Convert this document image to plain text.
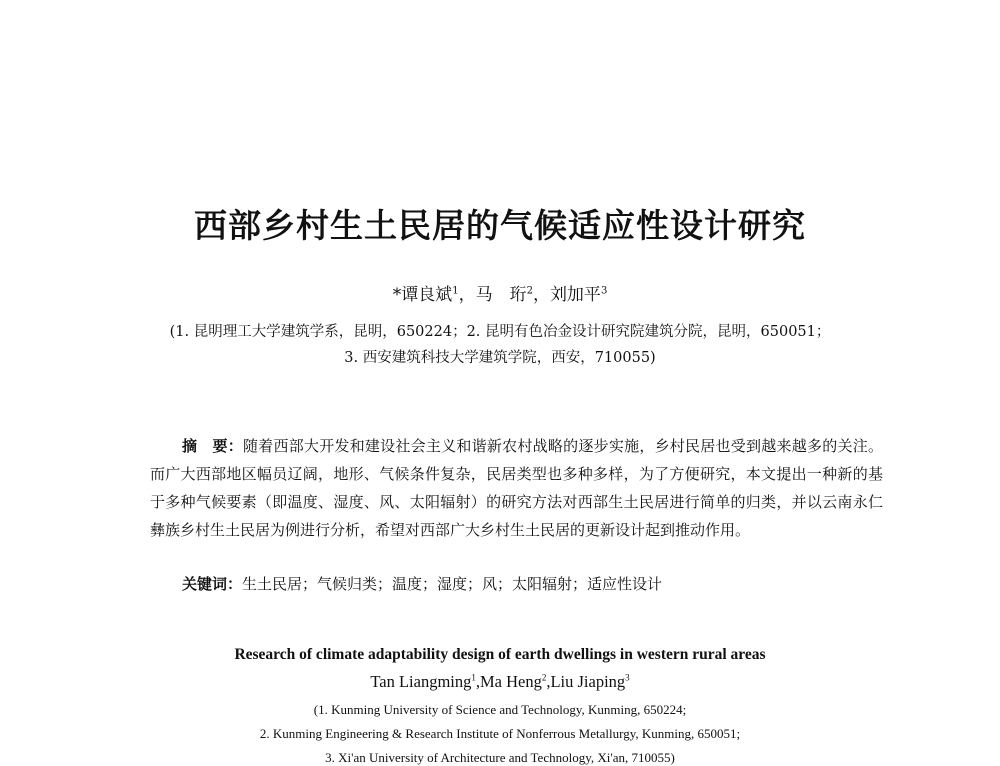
西部乡村生土民居的气候适应性设计研究
*谭良斌$^1$，马　珩$^2$，刘加平$^3$
(1. 昆明理工大学建筑学系，昆明，650224；2. 昆明有色冶金设计研究院建筑分院，昆明，650051；
3. 西安建筑科技大学建筑学院，西安，710055)
摘　要：随着西部大开发和建设社会主义和谐新农村战略的逐步实施，乡村民居也受到越来越多的关注。而广大西部地区幅员辽阔，地形、气候条件复杂，民居类型也多种多样，为了方便研究，本文提出一种新的基于多种气候要素（即温度、湿度、风、太阳辐射）的研究方法对西部生土民居进行简单的归类，并以云南永仁彝族乡村生土民居为例进行分析，希望对西部广大乡村生土民居的更新设计起到推动作用。
关键词：生土民居；气候归类；温度；湿度；风；太阳辐射；适应性设计
Research of climate adaptability design of earth dwellings in western rural areas
Tan Liangming$^1$,Ma Heng$^2$,Liu Jiaping$^3$
(1. Kunming University of Science and Technology, Kunming, 650224;
2. Kunming Engineering & Research Institute of Nonferrous Metallurgy, Kunming, 650051;
3. Xi'an University of Architecture and Technology, Xi'an, 710055)
